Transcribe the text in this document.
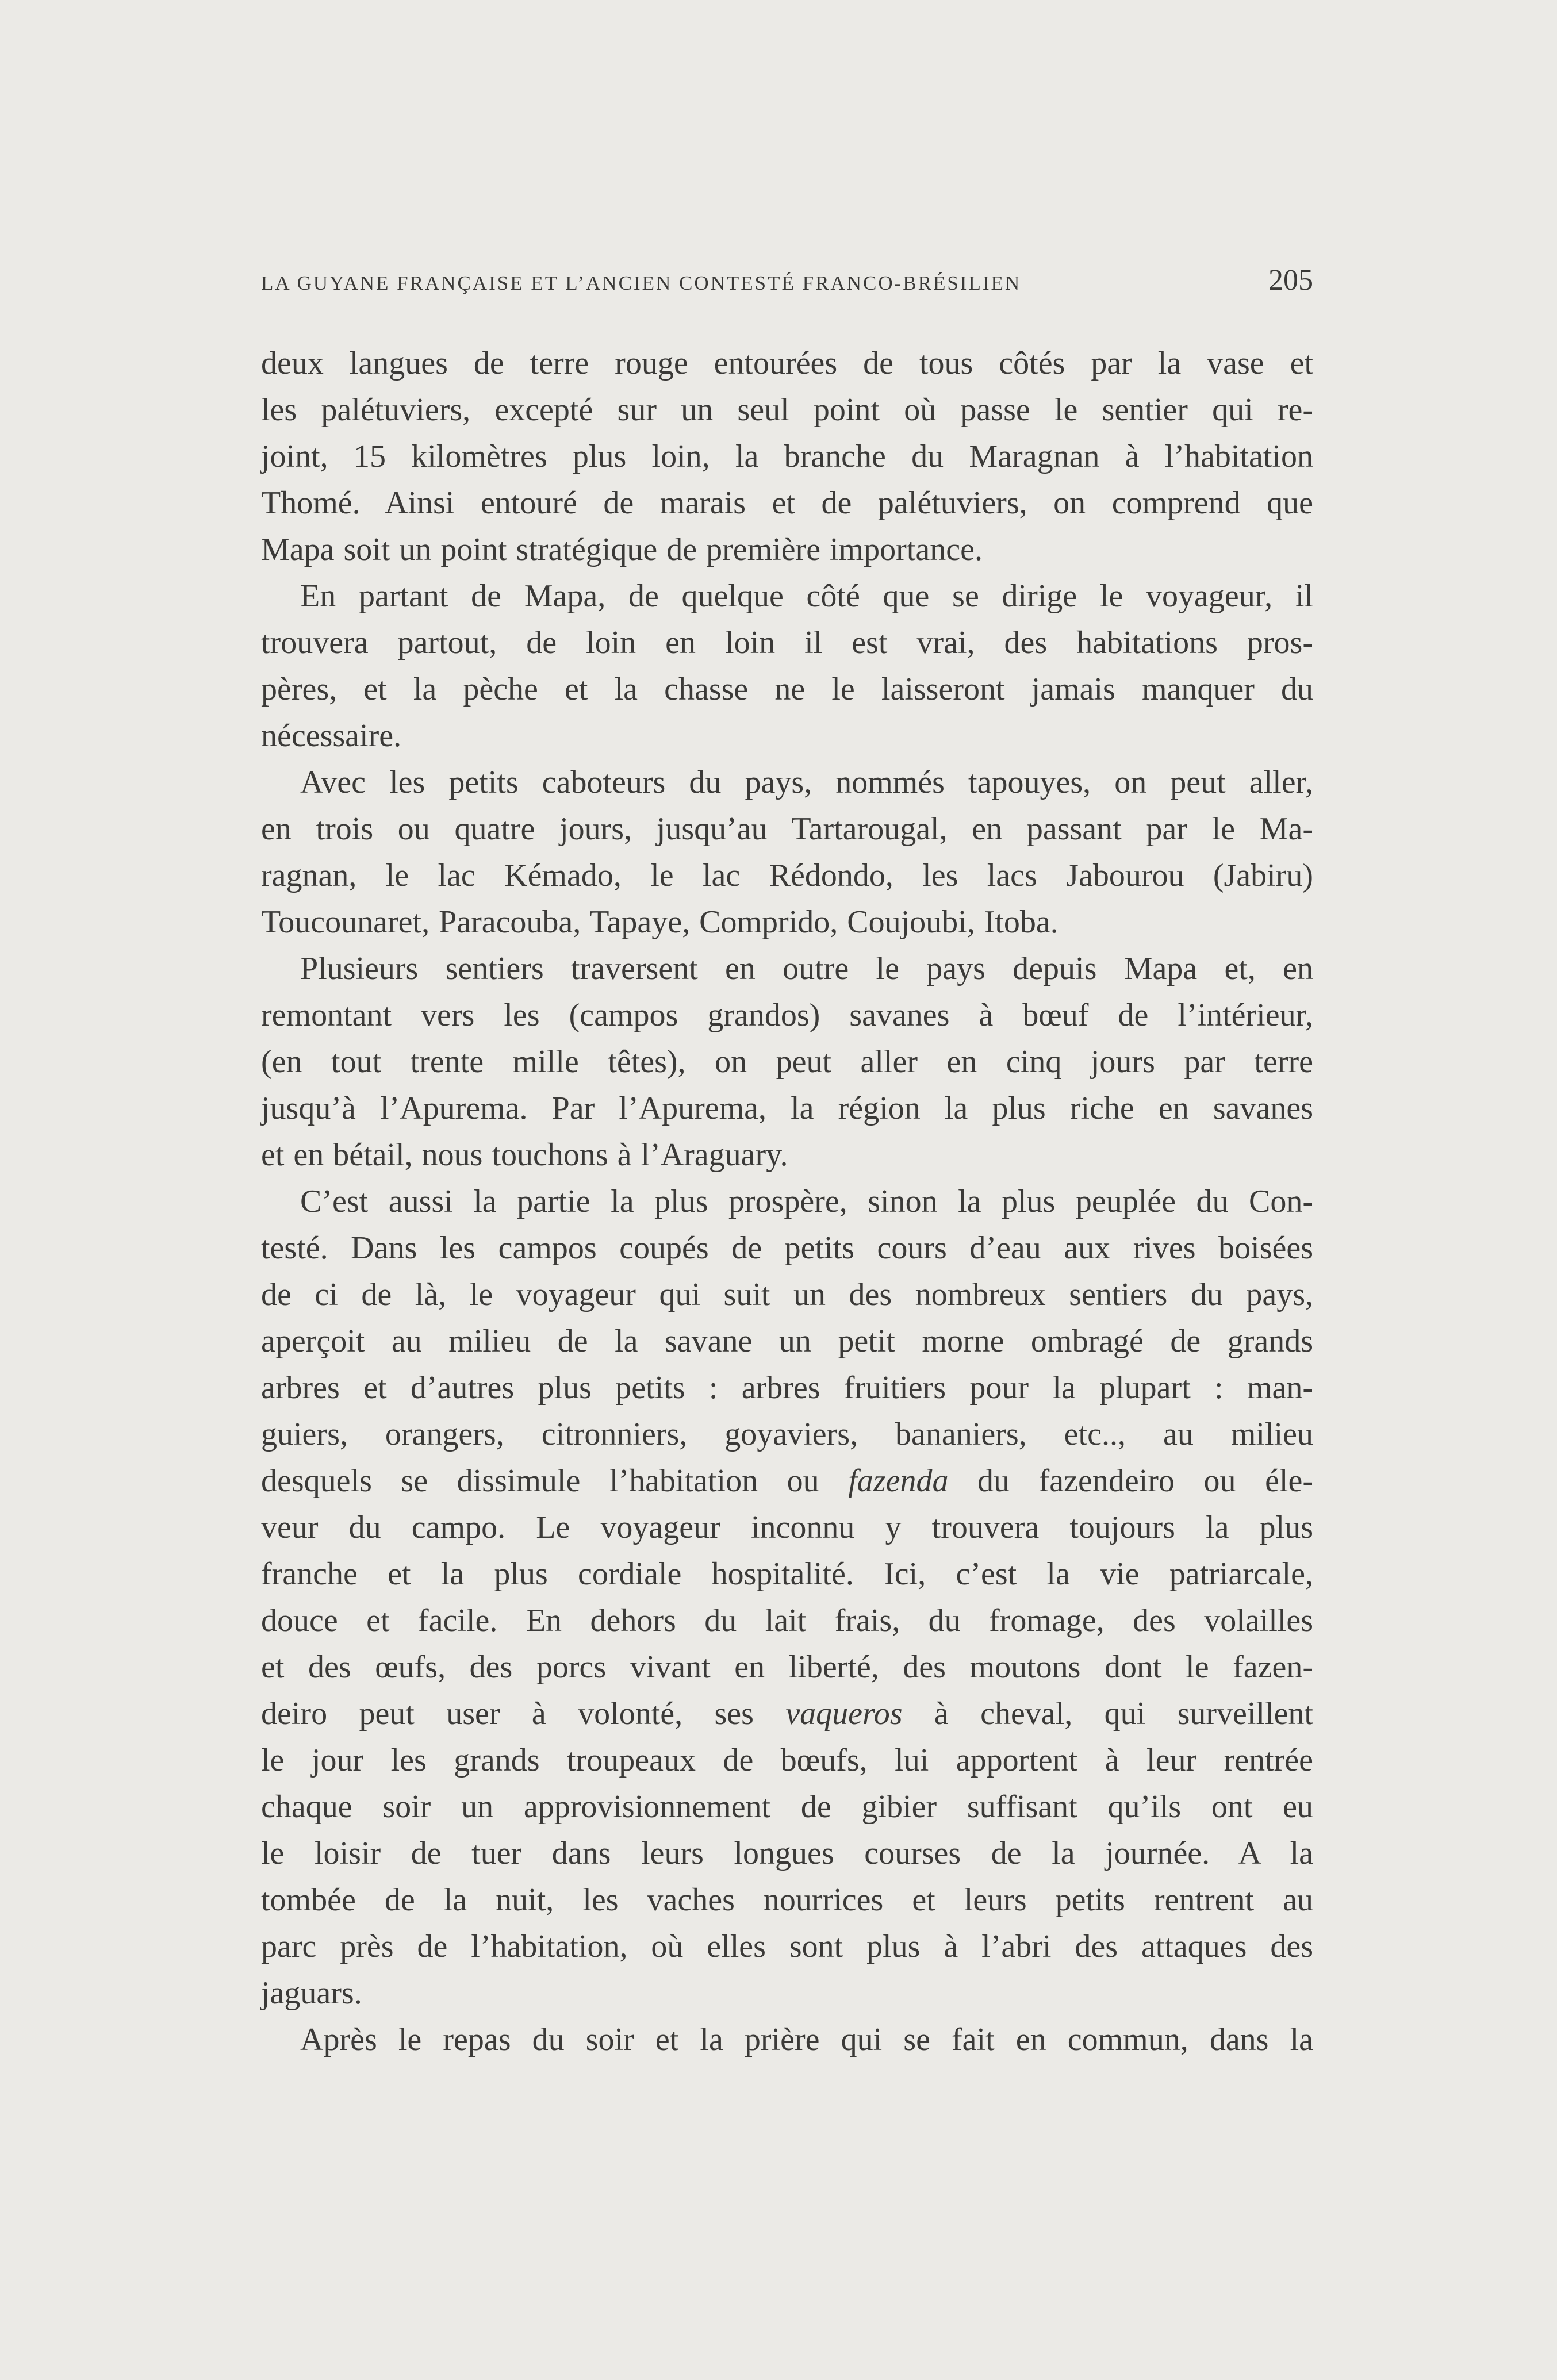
LA GUYANE FRANÇAISE ET L’ANCIEN CONTESTÉ FRANCO-BRÉSILIEN	205
deux langues de terre rouge entourées de tous côtés par la vase et
les palétuviers, excepté sur un seul point où passe le sentier qui re-
joint, 15 kilomètres plus loin, la branche du Maragnan à l’habitation
Thomé. Ainsi entouré de marais et de palétuviers, on comprend que
Mapa soit un point stratégique de première importance.
En partant de Mapa, de quelque côté que se dirige le voyageur, il
trouvera partout, de loin en loin il est vrai, des habitations pros-
pères, et la pèche et la chasse ne le laisseront jamais manquer du
nécessaire.
Avec les petits caboteurs du pays, nommés tapouyes, on peut aller,
en trois ou quatre jours, jusqu’au Tartarougal, en passant par le Ma-
ragnan, le lac Kémado, le lac Rédondo, les lacs Jabourou (Jabiru)
Toucounaret, Paracouba, Tapaye, Comprido, Coujoubi, Itoba.
Plusieurs sentiers traversent en outre le pays depuis Mapa et, en
remontant vers les (campos grandos) savanes à bœuf de l’intérieur,
(en tout trente mille têtes), on peut aller en cinq jours par terre
jusqu’à l’Apurema. Par l’Apurema, la région la plus riche en savanes
et en bétail, nous touchons à l’Araguary.
C’est aussi la partie la plus prospère, sinon la plus peuplée du Con-
testé. Dans les campos coupés de petits cours d’eau aux rives boisées
de ci de là, le voyageur qui suit un des nombreux sentiers du pays,
aperçoit au milieu de la savane un petit morne ombragé de grands
arbres et d’autres plus petits : arbres fruitiers pour la plupart : man-
guiers, orangers, citronniers, goyaviers, bananiers, etc.., au milieu
desquels se dissimule l’habitation ou fazenda du fazendeiro ou éle-
veur du campo. Le voyageur inconnu y trouvera toujours la plus
franche et la plus cordiale hospitalité. Ici, c’est la vie patriarcale,
douce et facile. En dehors du lait frais, du fromage, des volailles
et des œufs, des porcs vivant en liberté, des moutons dont le fazen-
deiro peut user à volonté, ses vaqueros à cheval, qui surveillent
le jour les grands troupeaux de bœufs, lui apportent à leur rentrée
chaque soir un approvisionnement de gibier suffisant qu’ils ont eu
le loisir de tuer dans leurs longues courses de la journée. A la
tombée de la nuit, les vaches nourrices et leurs petits rentrent au
parc près de l’habitation, où elles sont plus à l’abri des attaques des
jaguars.
Après le repas du soir et la prière qui se fait en commun, dans la
